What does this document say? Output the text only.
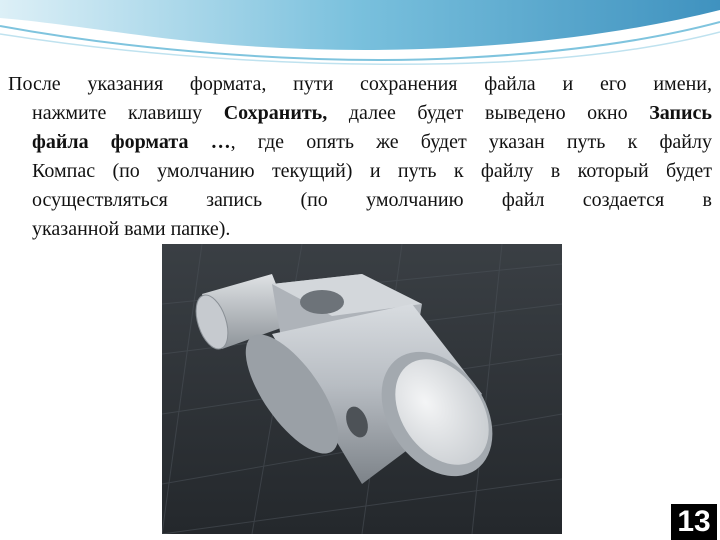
После указания формата, пути сохранения файла и его имени,
нажмите клавишу Сохранить, далее будет выведено окно Запись
файла формата …, где опять же будет указан путь к файлу
Компас (по умолчанию текущий) и путь к файлу в который будет
осуществляться запись (по умолчанию файл создается в
указанной вами папке).
13
